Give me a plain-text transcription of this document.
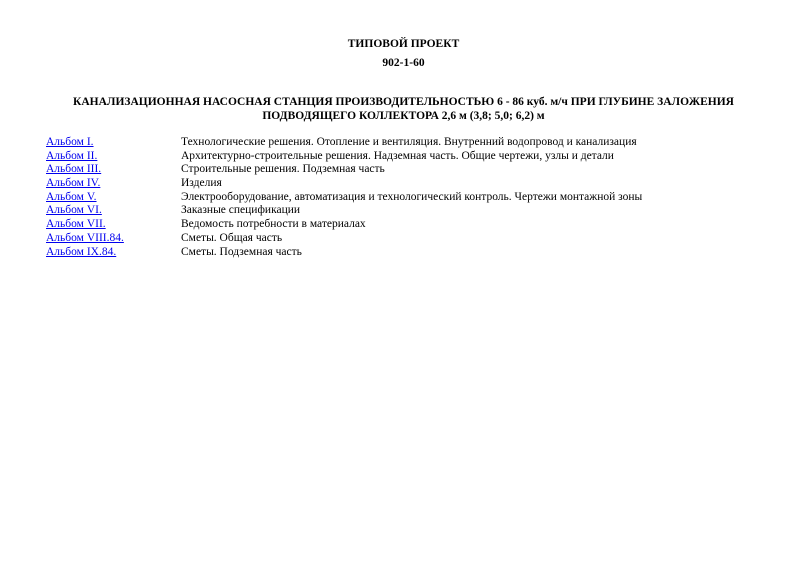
ТИПОВОЙ ПРОЕКТ

902-1-60

КАНАЛИЗАЦИОННАЯ НАСОСНАЯ СТАНЦИЯ ПРОИЗВОДИТЕЛЬНОСТЬЮ 6 - 86 куб. м/ч ПРИ ГЛУБИНЕ ЗАЛОЖЕНИЯ ПОДВОДЯЩЕГО КОЛЛЕКТОРА 2,6 м (3,8; 5,0; 6,2) м

Альбом I.	Технологические решения. Отопление и вентиляция. Внутренний водопровод и канализация
Альбом II.	Архитектурно-строительные решения. Надземная часть. Общие чертежи, узлы и детали
Альбом III.	Строительные решения. Подземная часть
Альбом IV.	Изделия
Альбом V.	Электрооборудование, автоматизация и технологический контроль. Чертежи монтажной зоны
Альбом VI.	Заказные спецификации
Альбом VII.	Ведомость потребности в материалах
Альбом VIII.84.	Сметы. Общая часть
Альбом IX.84.	Сметы. Подземная часть
